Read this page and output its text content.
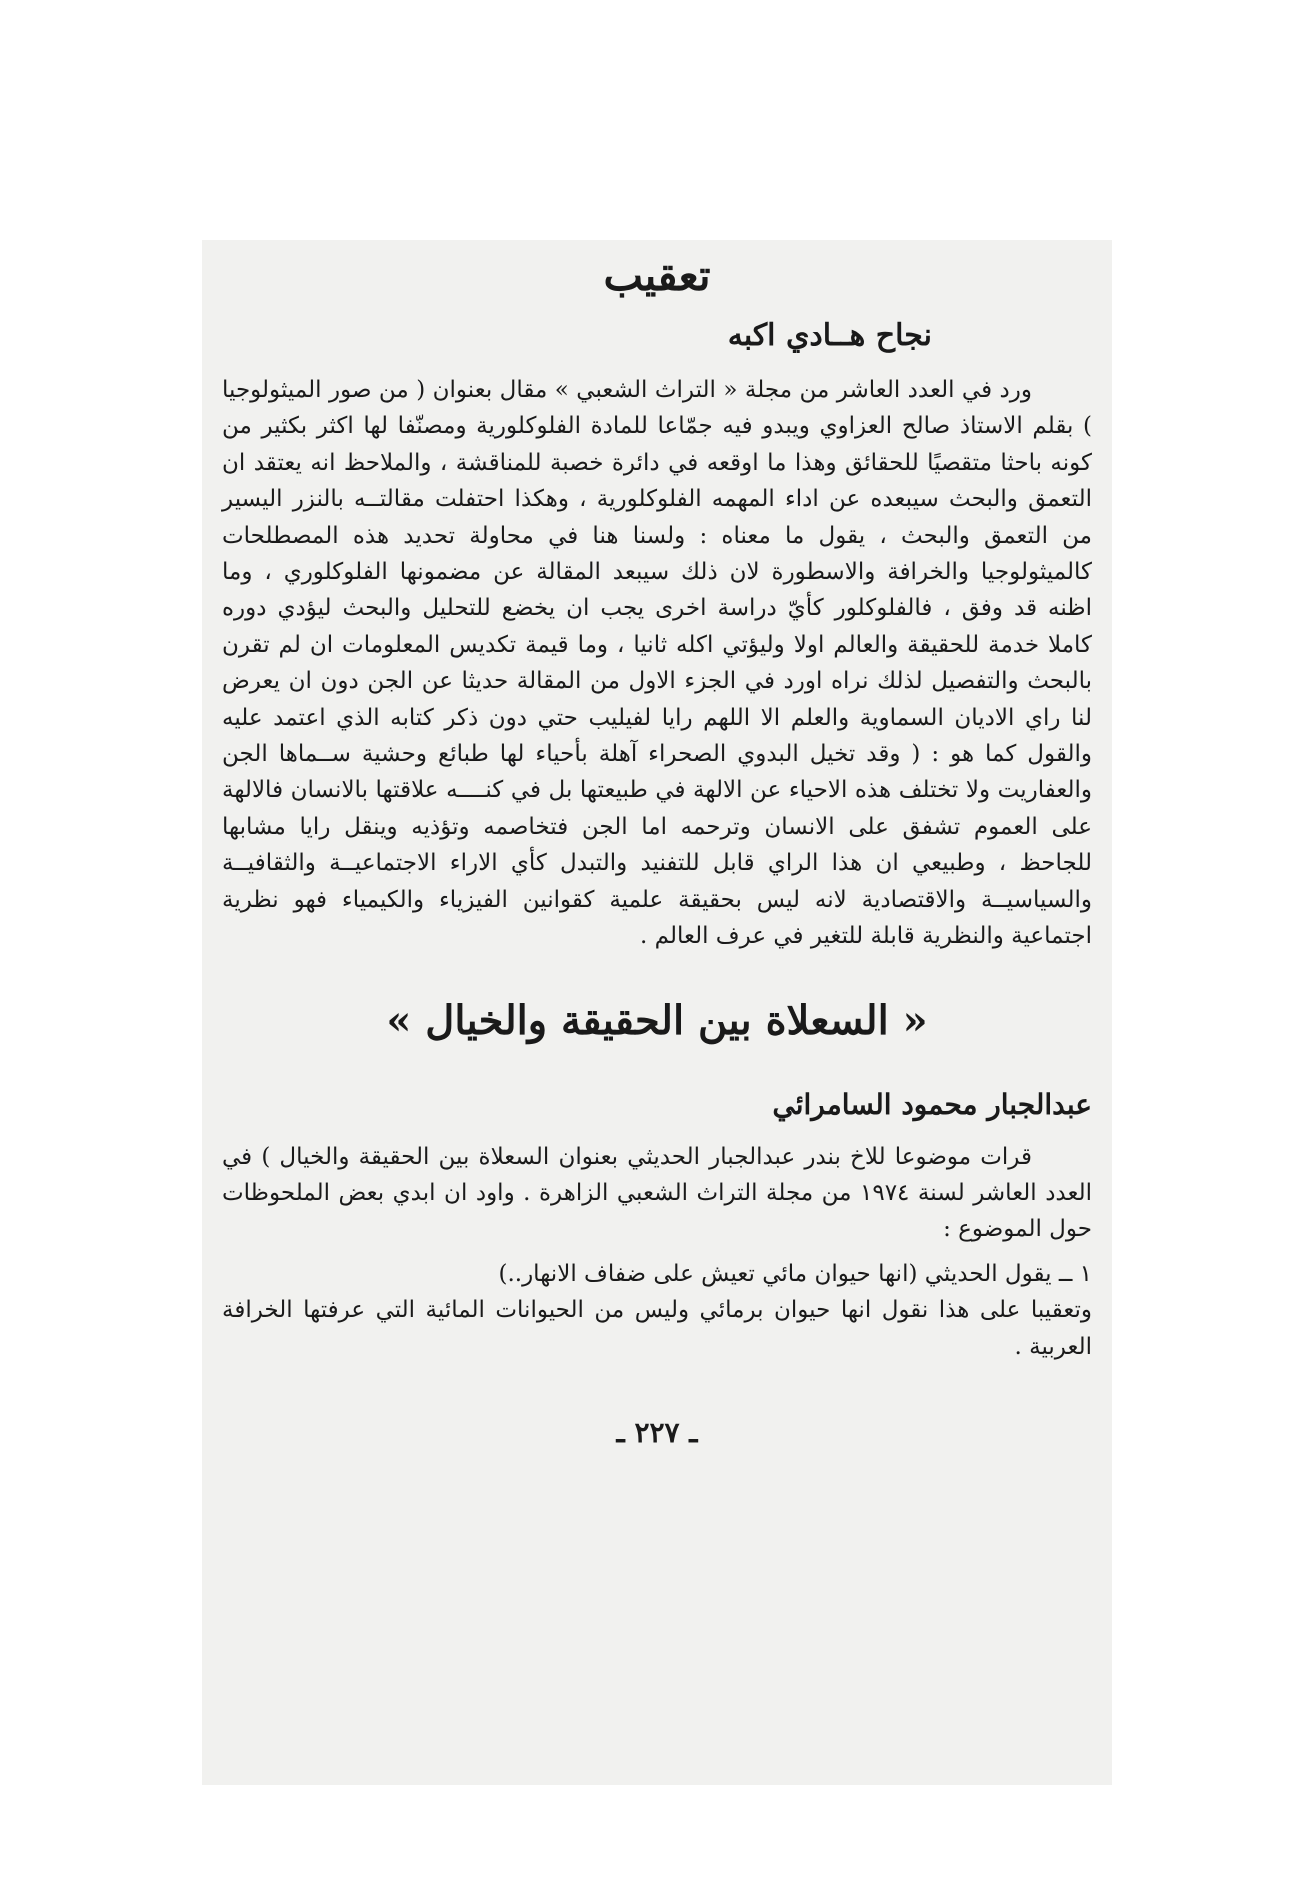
تعقيب
نجاح هــادي اكبه

ورد في العدد العاشر من مجلة « التراث الشعبي » مقال بعنوان ( من صور الميثولوجيا ) بقلم الاستاذ صالح العزاوي ويبدو فيه جمّاعا للمادة الفلوكلورية ومصنّفا لها اكثر بكثير من كونه باحثا متقصيًا للحقائق وهذا ما اوقعه في دائرة خصبة للمناقشة ، والملاحظ انه يعتقد ان التعمق والبحث سيبعده عن اداء المهمه الفلوكلورية ، وهكذا احتفلت مقالتــه بالنزر اليسير من التعمق والبحث ، يقول ما معناه : ولسنا هنا في محاولة تحديد هذه المصطلحات كالميثولوجيا والخرافة والاسطورة لان ذلك سيبعد المقالة عن مضمونها الفلوكلوري ، وما اظنه قد وفق ، فالفلوكلور كأيّ دراسة اخرى يجب ان يخضع للتحليل والبحث ليؤدي دوره كاملا خدمة للحقيقة والعالم اولا وليؤتي اكله ثانيا ، وما قيمة تكديس المعلومات ان لم تقرن بالبحث والتفصيل لذلك نراه اورد في الجزء الاول من المقالة حديثا عن الجن دون ان يعرض لنا راي الاديان السماوية والعلم الا اللهم رايا لفيليب حتي دون ذكر كتابه الذي اعتمد عليه والقول كما هو : ( وقد تخيل البدوي الصحراء آهلة بأحياء لها طبائع وحشية ســماها الجن والعفاريت ولا تختلف هذه الاحياء عن الالهة في طبيعتها بل في كنــــه علاقتها بالانسان فالالهة على العموم تشفق على الانسان وترحمه اما الجن فتخاصمه وتؤذيه وينقل رايا مشابها للجاحظ ، وطبيعي ان هذا الراي قابل للتفنيد والتبدل كأي الاراء الاجتماعيــة والثقافيــة والسياسيــة والاقتصادية لانه ليس بحقيقة علمية كقوانين الفيزياء والكيمياء فهو نظرية اجتماعية والنظرية قابلة للتغير في عرف العالم .

« السعلاة بين الحقيقة والخيال »
عبدالجبار محمود السامرائي

قرات موضوعا للاخ بندر عبدالجبار الحديثي بعنوان السعلاة بين الحقيقة والخيال ) في العدد العاشر لسنة ١٩٧٤ من مجلة التراث الشعبي الزاهرة . واود ان ابدي بعض الملحوظات حول الموضوع :

١ ــ يقول الحديثي (انها حيوان مائي تعيش على ضفاف الانهار..)

وتعقيبا على هذا نقول انها حيوان برمائي وليس من الحيوانات المائية التي عرفتها الخرافة العربية .

ـ ٢٢٧ ـ
